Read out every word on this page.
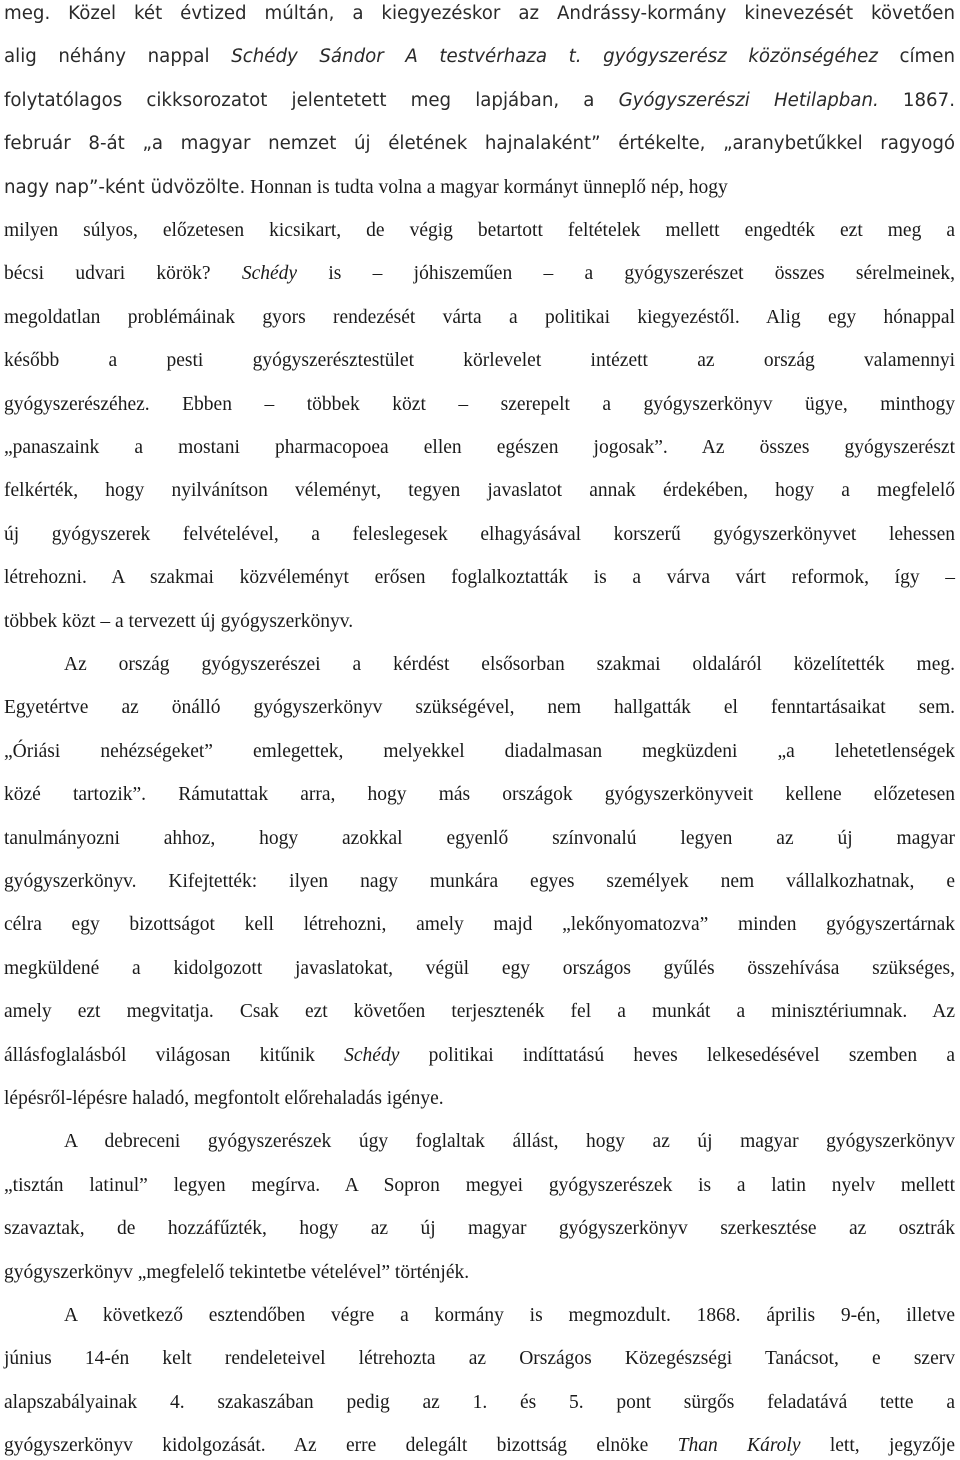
meg. Közel két évtized múltán, a kiegyezéskor az Andrássy-kormány kinevezését követően
alig néhány nappal Schédy Sándor A testvérhaza t. gyógyszerész közönségéhez címen
folytatólagos cikksorozatot jelentetett meg lapjában, a Gyógyszerészi Hetilapban. 1867.
február 8-át „a magyar nemzet új életének hajnalaként” értékelte, „aranybetűkkel ragyogó
nagy nap”-ként üdvözölte. Honnan is tudta volna a magyar kormányt ünneplő nép, hogy
milyen súlyos, előzetesen kicsikart, de végig betartott feltételek mellett engedték ezt meg a
bécsi udvari körök? Schédy is – jóhiszeműen – a gyógyszerészet összes sérelmeinek,
megoldatlan problémáinak gyors rendezését várta a politikai kiegyezéstől. Alig egy hónappal
később a pesti gyógyszerésztestület körlevelet intézett az ország valamennyi
gyógyszerészéhez. Ebben – többek közt – szerepelt a gyógyszerkönyv ügye, minthogy
„panaszaink a mostani pharmacopoea ellen egészen jogosak”. Az összes gyógyszerészt
felkérték, hogy nyilvánítson véleményt, tegyen javaslatot annak érdekében, hogy a megfelelő
új gyógyszerek felvételével, a feleslegesek elhagyásával korszerű gyógyszerkönyvet lehessen
létrehozni. A szakmai közvéleményt erősen foglalkoztatták is a várva várt reformok, így –
többek közt – a tervezett új gyógyszerkönyv.
Az ország gyógyszerészei a kérdést elsősorban szakmai oldaláról közelítették meg.
Egyetértve az önálló gyógyszerkönyv szükségével, nem hallgatták el fenntartásaikat sem.
„Óriási nehézségeket” emlegettek, melyekkel diadalmasan megküzdeni „a lehetetlenségek
közé tartozik”. Rámutattak arra, hogy más országok gyógyszerkönyveit kellene előzetesen
tanulmányozni ahhoz, hogy azokkal egyenlő színvonalú legyen az új magyar
gyógyszerkönyv. Kifejtették: ilyen nagy munkára egyes személyek nem vállalkozhatnak, e
célra egy bizottságot kell létrehozni, amely majd „lekőnyomatozva” minden gyógyszertárnak
megküldené a kidolgozott javaslatokat, végül egy országos gyűlés összehívása szükséges,
amely ezt megvitatja. Csak ezt követően terjesztenék fel a munkát a minisztériumnak. Az
állásfoglalásból világosan kitűnik Schédy politikai indíttatású heves lelkesedésével szemben a
lépésről-lépésre haladó, megfontolt előrehaladás igénye.
A debreceni gyógyszerészek úgy foglaltak állást, hogy az új magyar gyógyszerkönyv
„tisztán latinul” legyen megírva. A Sopron megyei gyógyszerészek is a latin nyelv mellett
szavaztak, de hozzáfűzték, hogy az új magyar gyógyszerkönyv szerkesztése az osztrák
gyógyszerkönyv „megfelelő tekintetbe vételével” történjék.
A következő esztendőben végre a kormány is megmozdult. 1868. április 9-én, illetve
június 14-én kelt rendeleteivel létrehozta az Országos Közegészségi Tanácsot, e szerv
alapszabályainak 4. szakaszában pedig az 1. és 5. pont sürgős feladatává tette a
gyógyszerkönyv kidolgozását. Az erre delegált bizottság elnöke Than Károly lett, jegyzője
